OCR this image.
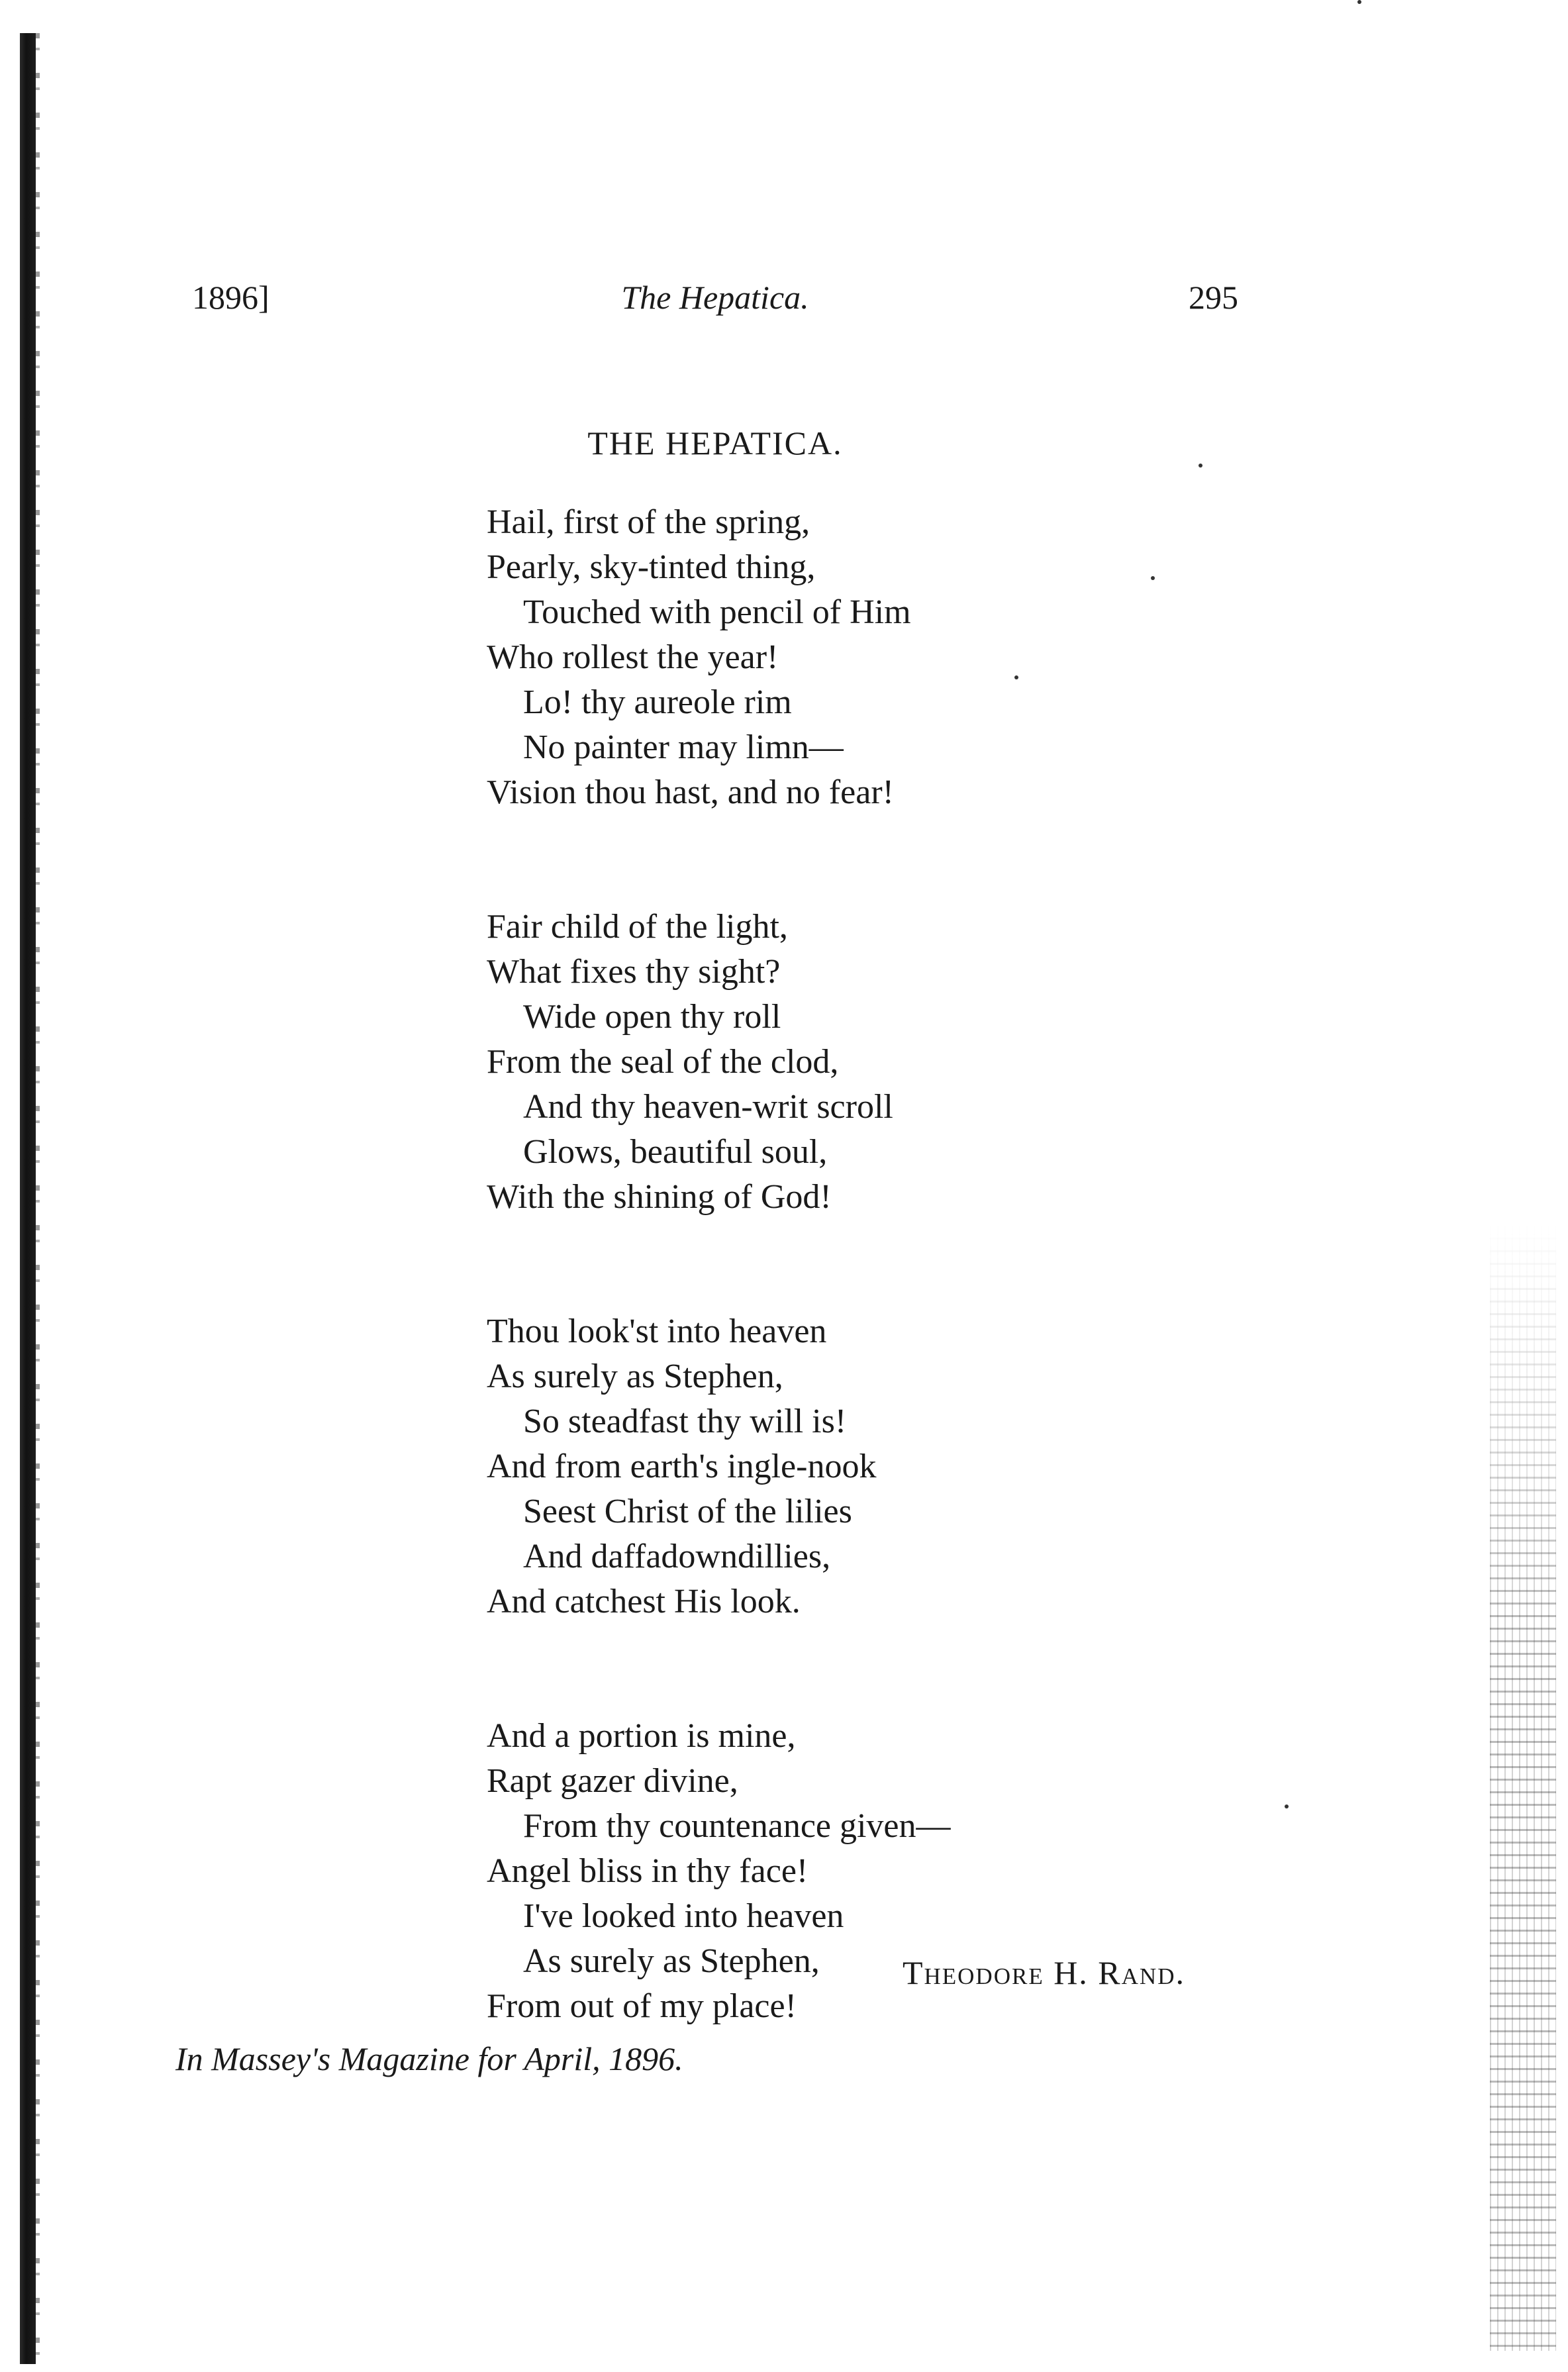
1896]	The Hepatica.	295
THE HEPATICA.
Hail, first of the spring,
Pearly, sky-tinted thing,
Touched with pencil of Him
Who rollest the year!
Lo! thy aureole rim
No painter may limn—
Vision thou hast, and no fear!
Fair child of the light,
What fixes thy sight?
Wide open thy roll
From the seal of the clod,
And thy heaven-writ scroll
Glows, beautiful soul,
With the shining of God!
Thou look'st into heaven
As surely as Stephen,
So steadfast thy will is!
And from earth's ingle-nook
Seest Christ of the lilies
And daffadowndillies,
And catchest His look.
And a portion is mine,
Rapt gazer divine,
From thy countenance given—
Angel bliss in thy face!
I've looked into heaven
As surely as Stephen,
From out of my place!
Theodore H. Rand.
In Massey's Magazine for April, 1896.
